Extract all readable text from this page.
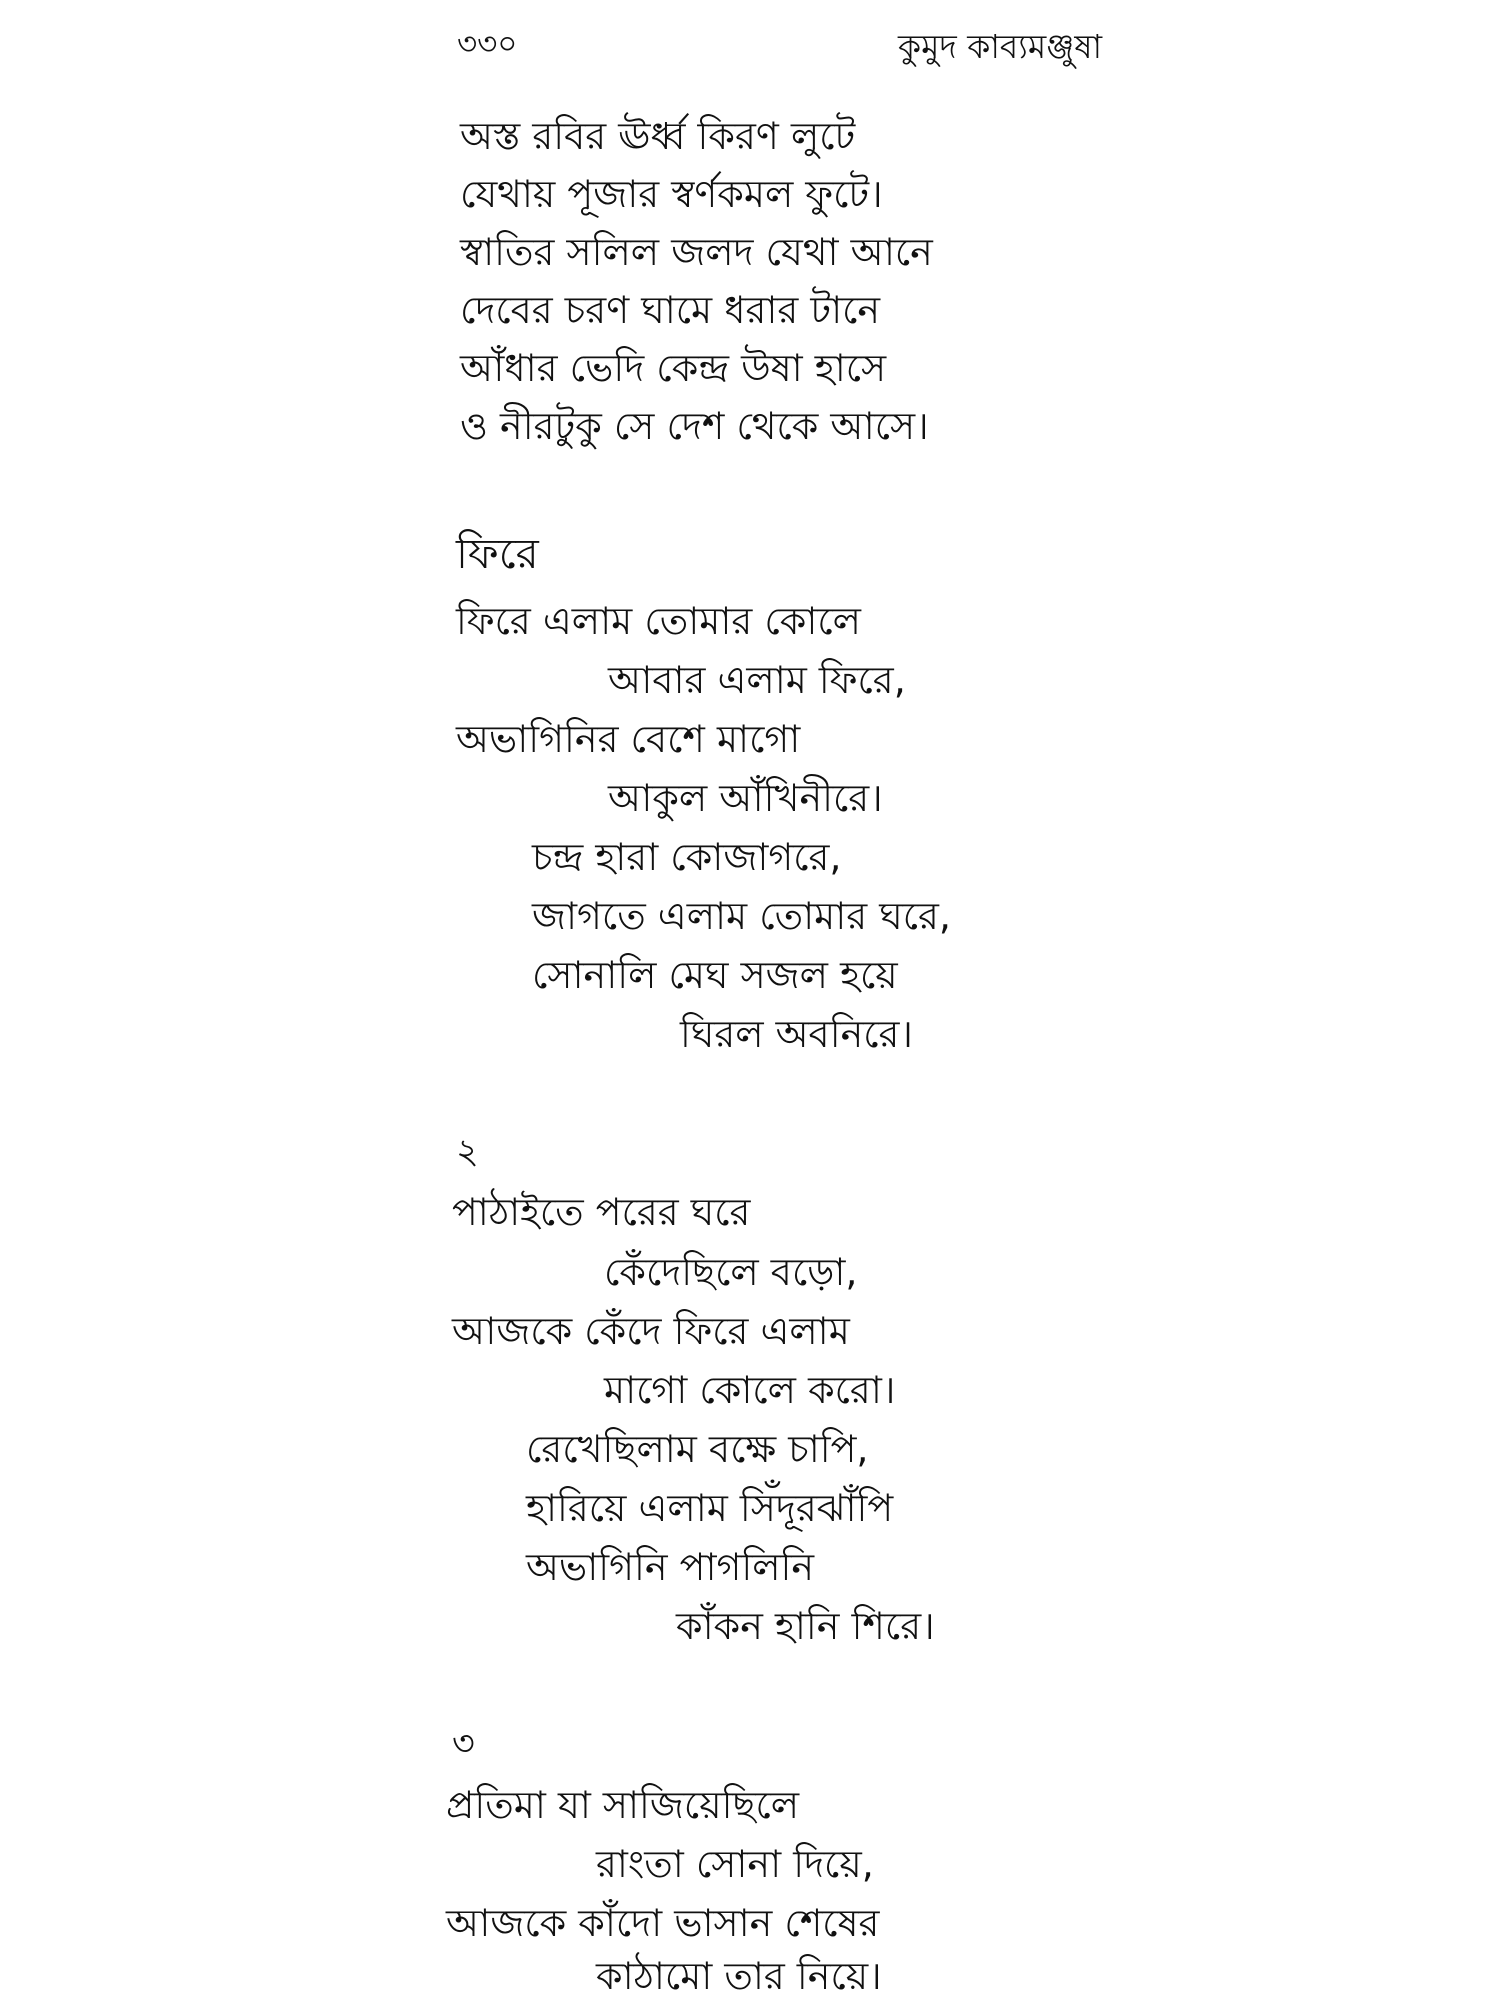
৩৩০	কুমুদ কাব্যমঞ্জুষা
অস্ত রবির ঊর্ধ্ব কিরণ লুটে
যেথায় পূজার স্বর্ণকমল ফুটে।
স্বাতির সলিল জলদ যেথা আনে
দেবের চরণ ঘামে ধরার টানে
আঁধার ভেদি কেন্দ্র উষা হাসে
ও নীরটুকু সে দেশ থেকে আসে।
ফিরে
ফিরে এলাম তোমার কোলে
আবার এলাম ফিরে,
অভাগিনির বেশে মাগো
আকুল আঁখিনীরে।
চন্দ্র হারা কোজাগরে,
জাগতে এলাম তোমার ঘরে,
সোনালি মেঘ সজল হয়ে
ঘিরল অবনিরে।
২
পাঠাইতে পরের ঘরে
কেঁদেছিলে বড়ো,
আজকে কেঁদে ফিরে এলাম
মাগো কোলে করো।
রেখেছিলাম বক্ষে চাপি,
হারিয়ে এলাম সিঁদূরঝাঁপি
অভাগিনি পাগলিনি
কাঁকন হানি শিরে।
৩
প্রতিমা যা সাজিয়েছিলে
রাংতা সোনা দিয়ে,
আজকে কাঁদো ভাসান শেষের
কাঠামো তার নিয়ে।
